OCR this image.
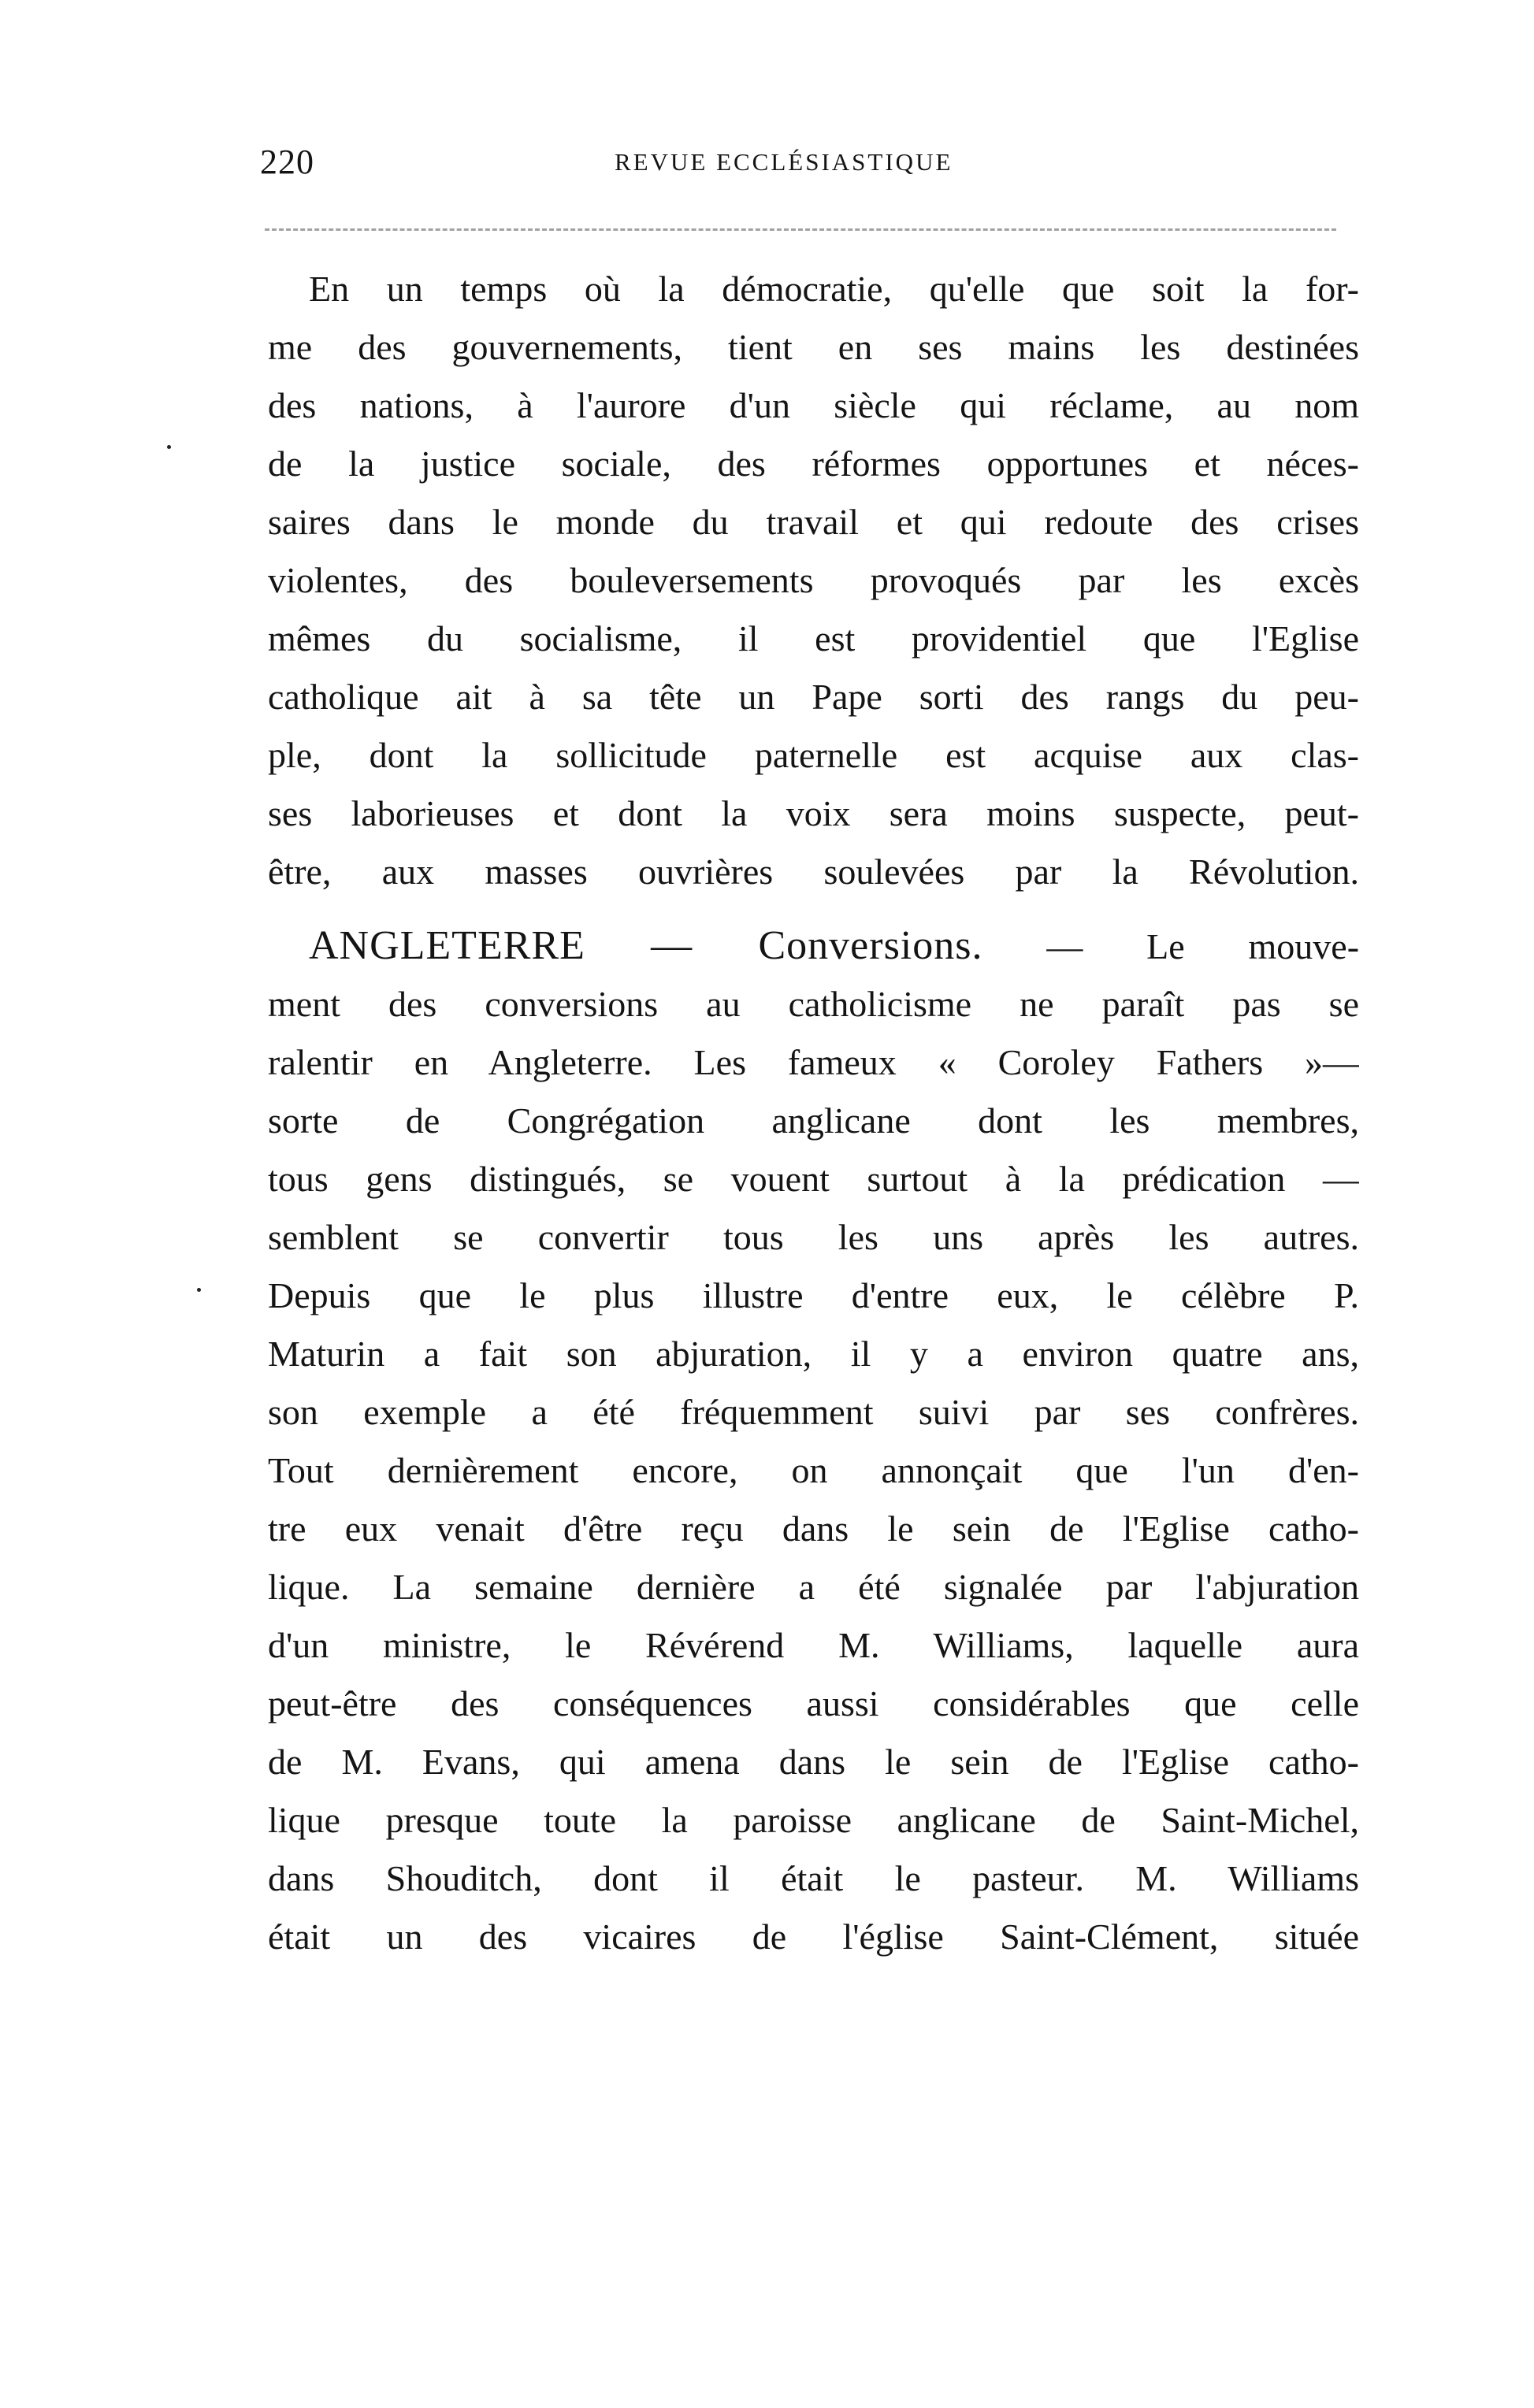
220	REVUE ECCLÉSIASTIQUE
En un temps où la démocratie, qu'elle que soit la for-
me des gouvernements, tient en ses mains les destinées
des nations, à l'aurore d'un siècle qui réclame, au nom
de la justice sociale, des réformes opportunes et néces-
saires dans le monde du travail et qui redoute des crises
violentes, des bouleversements provoqués par les excès
mêmes du socialisme, il est providentiel que l'Eglise
catholique ait à sa tête un Pape sorti des rangs du peu-
ple, dont la sollicitude paternelle est acquise aux clas-
ses laborieuses et dont la voix sera moins suspecte, peut-
être, aux masses ouvrières soulevées par la Révolution.
ANGLETERRE — Conversions. — Le mouve-
ment des conversions au catholicisme ne paraît pas se
ralentir en Angleterre. Les fameux « Coroley Fathers »—
sorte de Congrégation anglicane dont les membres,
tous gens distingués, se vouent surtout à la prédication —
semblent se convertir tous les uns après les autres.
Depuis que le plus illustre d'entre eux, le célèbre P.
Maturin a fait son abjuration, il y a environ quatre ans,
son exemple a été fréquemment suivi par ses confrères.
Tout dernièrement encore, on annonçait que l'un d'en-
tre eux venait d'être reçu dans le sein de l'Eglise catho-
lique. La semaine dernière a été signalée par l'abjuration
d'un ministre, le Révérend M. Williams, laquelle aura
peut-être des conséquences aussi considérables que celle
de M. Evans, qui amena dans le sein de l'Eglise catho-
lique presque toute la paroisse anglicane de Saint-Michel,
dans Shouditch, dont il était le pasteur. M. Williams
était un des vicaires de l'église Saint-Clément, située
